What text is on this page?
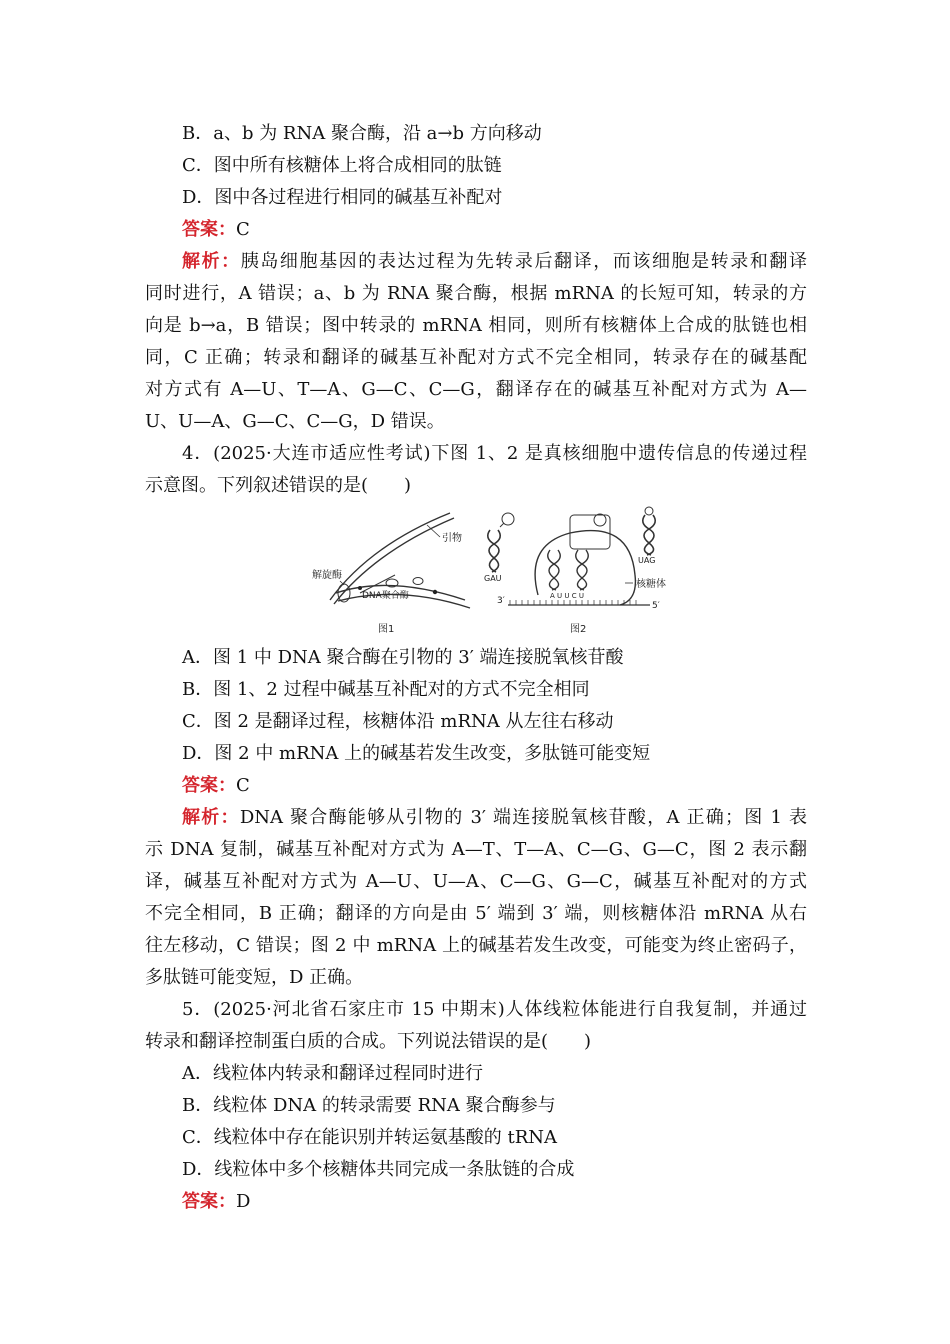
B．a、b 为 RNA 聚合酶，沿 a→b 方向移动
C．图中所有核糖体上将合成相同的肽链
D．图中各过程进行相同的碱基互补配对
答案：C
解析：胰岛细胞基因的表达过程为先转录后翻译，而该细胞是转录和翻译
同时进行，A 错误；a、b 为 RNA 聚合酶，根据 mRNA 的长短可知，转录的方
向是 b→a，B 错误；图中转录的 mRNA 相同，则所有核糖体上合成的肽链也相
同，C 正确；转录和翻译的碱基互补配对方式不完全相同，转录存在的碱基配
对方式有 A—U、T—A、G—C、C—G，翻译存在的碱基互补配对方式为 A—
U、U—A、G—C、C—G，D 错误。
4．(2025·大连市适应性考试)下图 1、2 是真核细胞中遗传信息的传递过程
示意图。下列叙述错误的是(　　)
引物
解旋酶
DNA聚合酶
图1
GAU
UAG
核糖体
3′	5′
A U U C U
图2
A．图 1 中 DNA 聚合酶在引物的 3′ 端连接脱氧核苷酸
B．图 1、2 过程中碱基互补配对的方式不完全相同
C．图 2 是翻译过程，核糖体沿 mRNA 从左往右移动
D．图 2 中 mRNA 上的碱基若发生改变，多肽链可能变短
答案：C
解析：DNA 聚合酶能够从引物的 3′ 端连接脱氧核苷酸，A 正确；图 1 表
示 DNA 复制，碱基互补配对方式为 A—T、T—A、C—G、G—C，图 2 表示翻
译，碱基互补配对方式为 A—U、U—A、C—G、G—C，碱基互补配对的方式
不完全相同，B 正确；翻译的方向是由 5′ 端到 3′ 端，则核糖体沿 mRNA 从右
往左移动，C 错误；图 2 中 mRNA 上的碱基若发生改变，可能变为终止密码子，
多肽链可能变短，D 正确。
5．(2025·河北省石家庄市 15 中期末)人体线粒体能进行自我复制，并通过
转录和翻译控制蛋白质的合成。下列说法错误的是(　　)
A．线粒体内转录和翻译过程同时进行
B．线粒体 DNA 的转录需要 RNA 聚合酶参与
C．线粒体中存在能识别并转运氨基酸的 tRNA
D．线粒体中多个核糖体共同完成一条肽链的合成
答案：D
